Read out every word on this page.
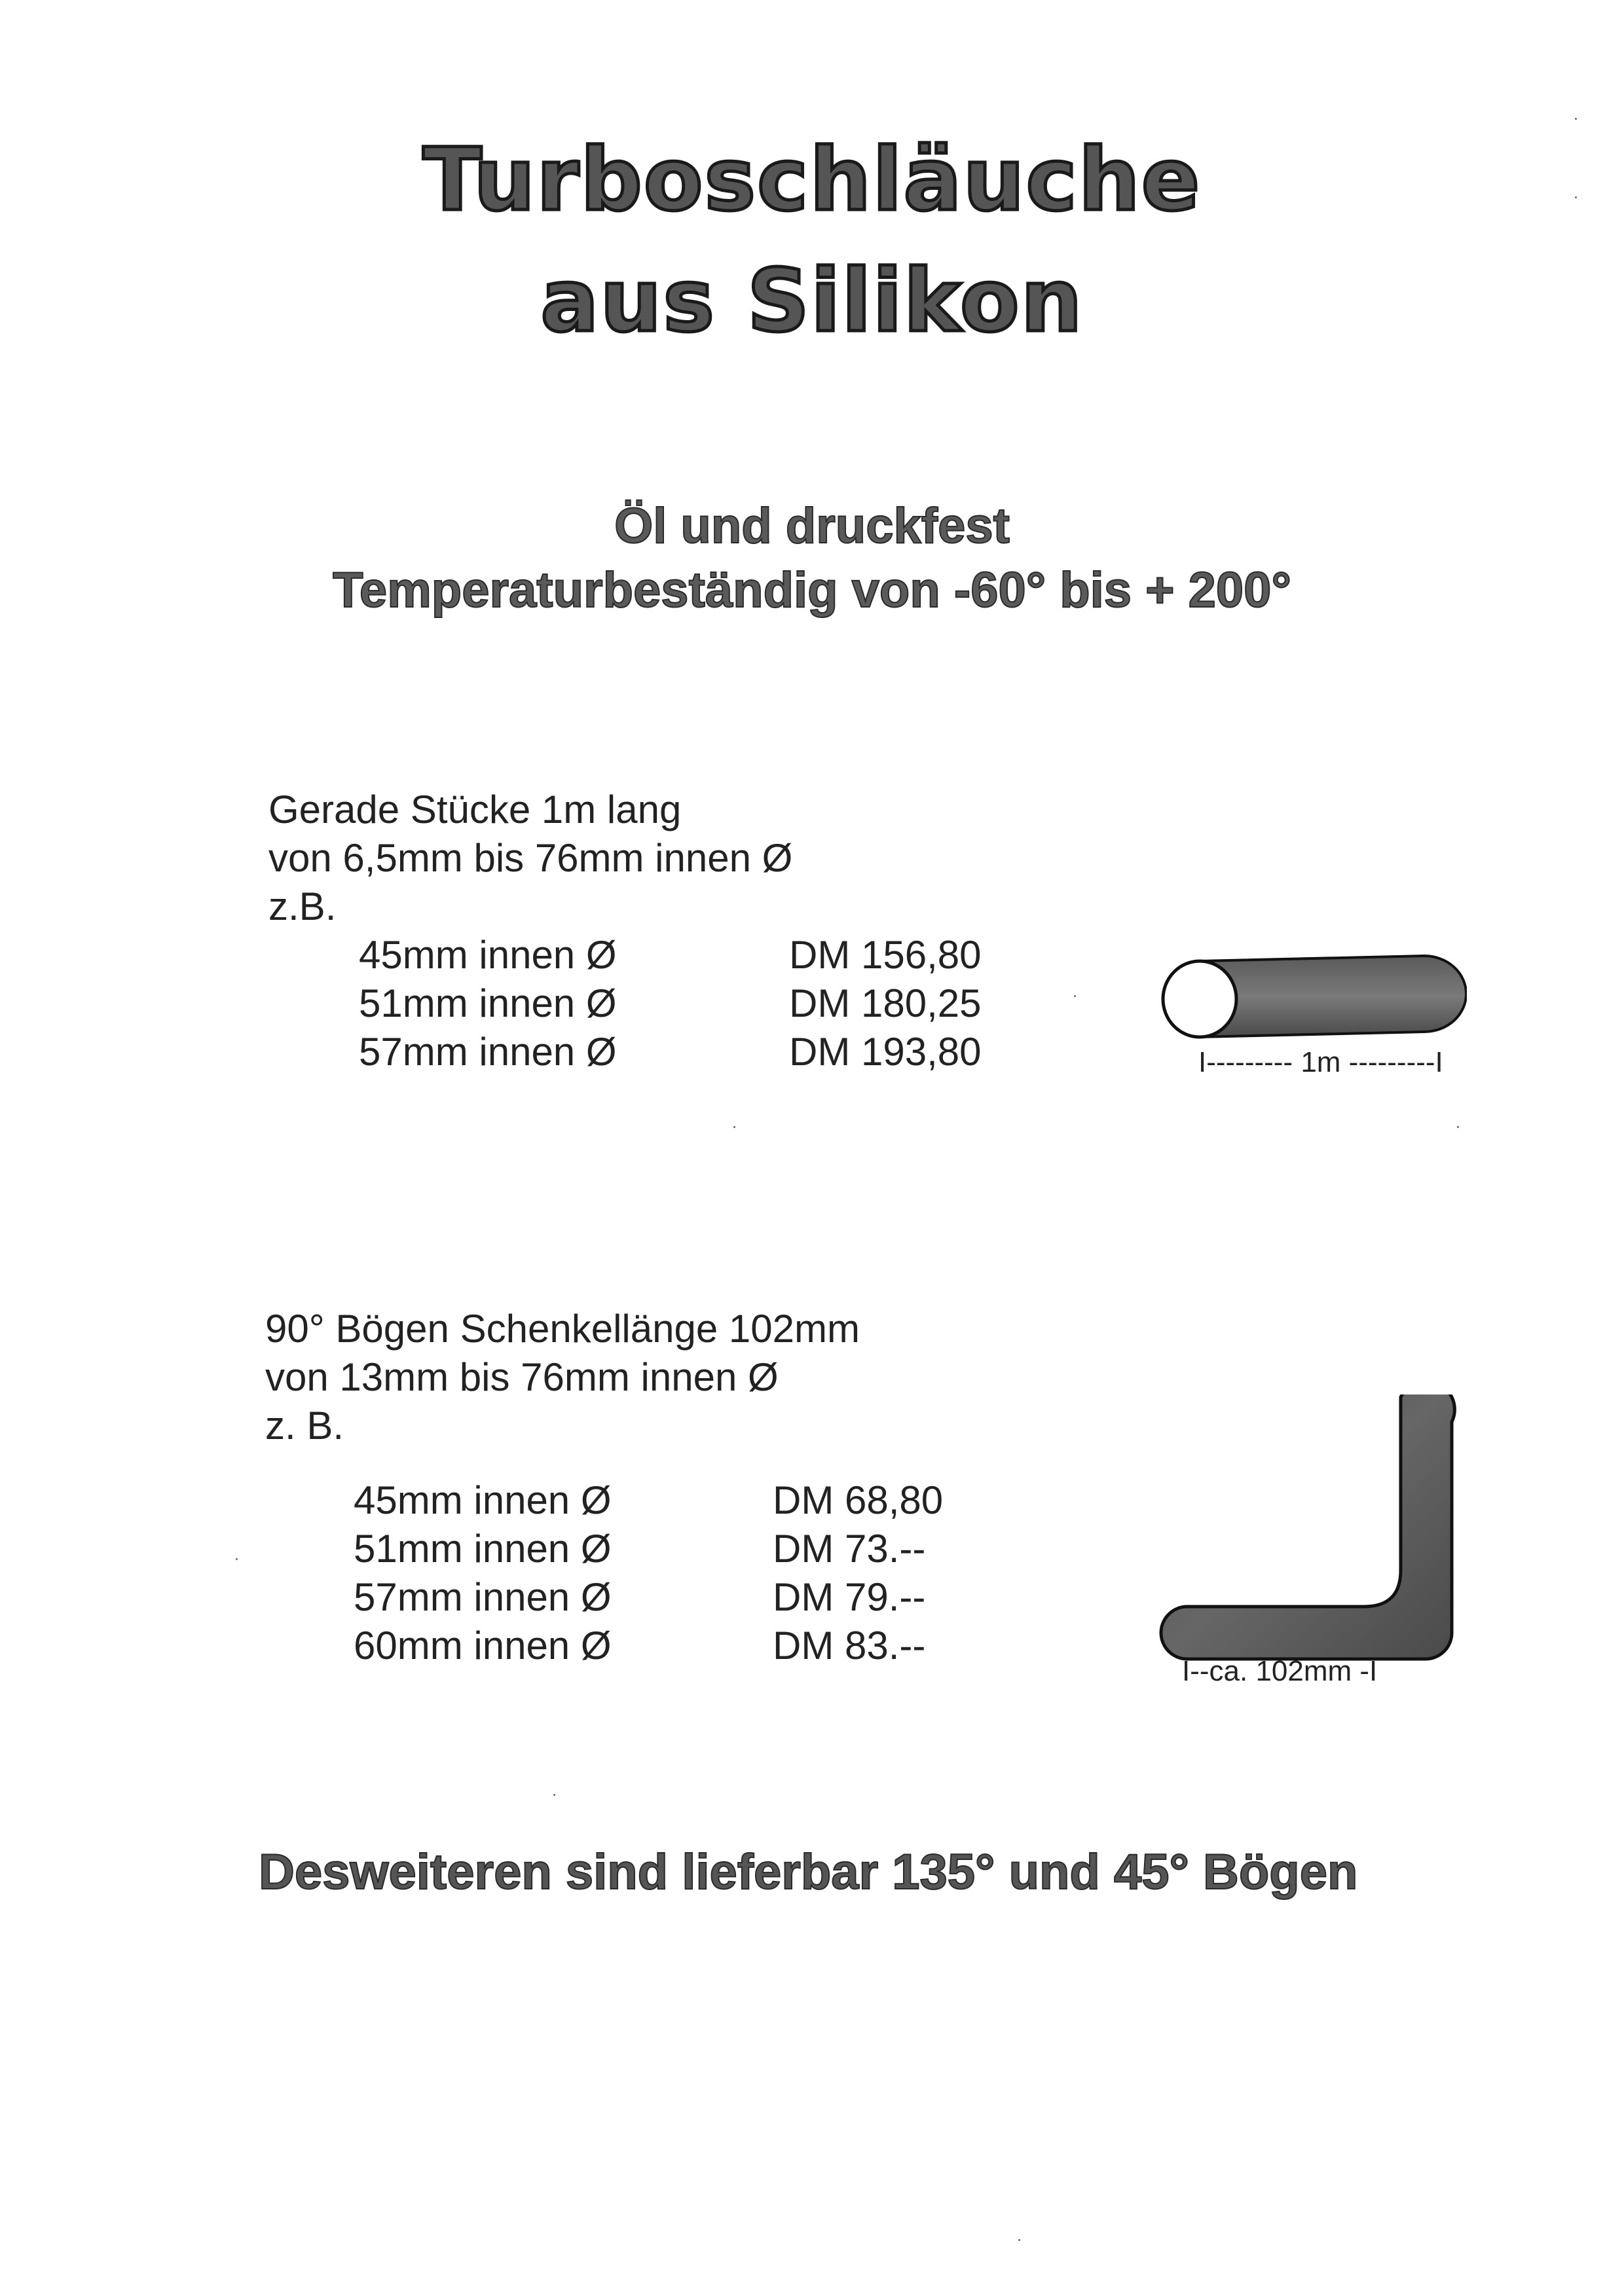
Turboschläuche
aus Silikon
Öl und druckfest
Temperaturbeständig von -60° bis + 200°
Gerade Stücke 1m lang
von 6,5mm bis 76mm innen Ø
z.B.
45mm innen Ø	DM 156,80
51mm innen Ø	DM 180,25
57mm innen Ø	DM 193,80	I--------- 1m ---------I
90° Bögen Schenkellänge 102mm
von 13mm bis 76mm innen Ø
z. B.
45mm innen Ø	DM 68,80
51mm innen Ø	DM 73.--
57mm innen Ø	DM 79.--
60mm innen Ø	DM 83.--
I--ca. 102mm -I
Desweiteren sind lieferbar 135° und 45° Bögen
